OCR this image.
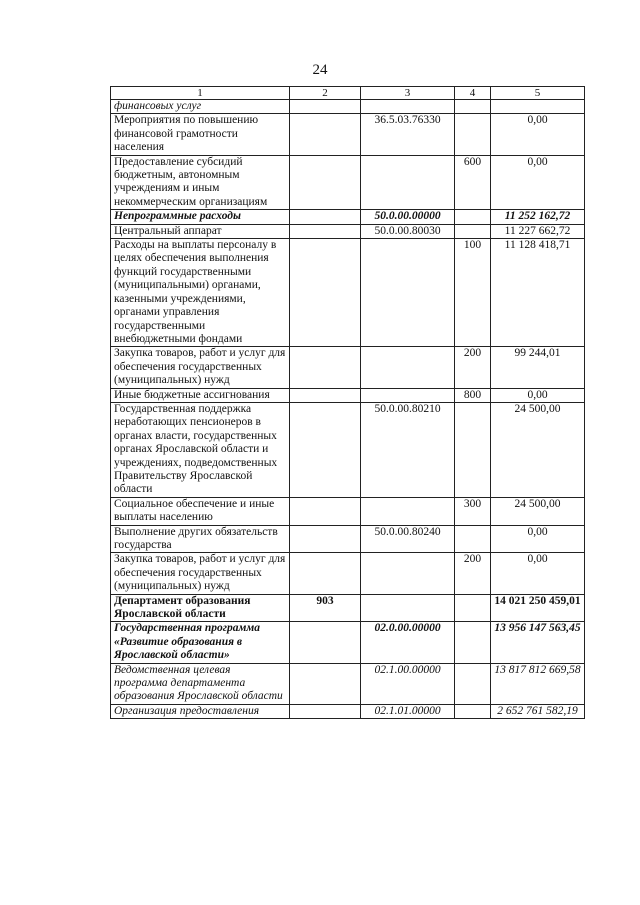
24
1	2	3	4	5
финансовых услуг				
Мероприятия по повышению финансовой грамотности населения		36.5.03.76330		0,00
Предоставление субсидий бюджетным, автономным учреждениям и иным некоммерческим организациям			600	0,00
Непрограммные расходы		50.0.00.00000		11 252 162,72
Центральный аппарат		50.0.00.80030		11 227 662,72
Расходы на выплаты персоналу в целях обеспечения выполнения функций государственными (муниципальными) органами, казенными учреждениями, органами управления государственными внебюджетными фондами			100	11 128 418,71
Закупка товаров, работ и услуг для обеспечения государственных (муниципальных) нужд			200	99 244,01
Иные бюджетные ассигнования			800	0,00
Государственная поддержка неработающих пенсионеров в органах власти, государственных органах Ярославской области и учреждениях, подведомственных Правительству Ярославской области		50.0.00.80210		24 500,00
Социальное обеспечение и иные выплаты населению			300	24 500,00
Выполнение других обязательств государства		50.0.00.80240		0,00
Закупка товаров, работ и услуг для обеспечения государственных (муниципальных) нужд			200	0,00
Департамент образования Ярославской области	903			14 021 250 459,01
Государственная программа «Развитие образования в Ярославской области»		02.0.00.00000		13 956 147 563,45
Ведомственная целевая программа департамента образования Ярославской области		02.1.00.00000		13 817 812 669,58
Организация предоставления		02.1.01.00000		2 652 761 582,19
